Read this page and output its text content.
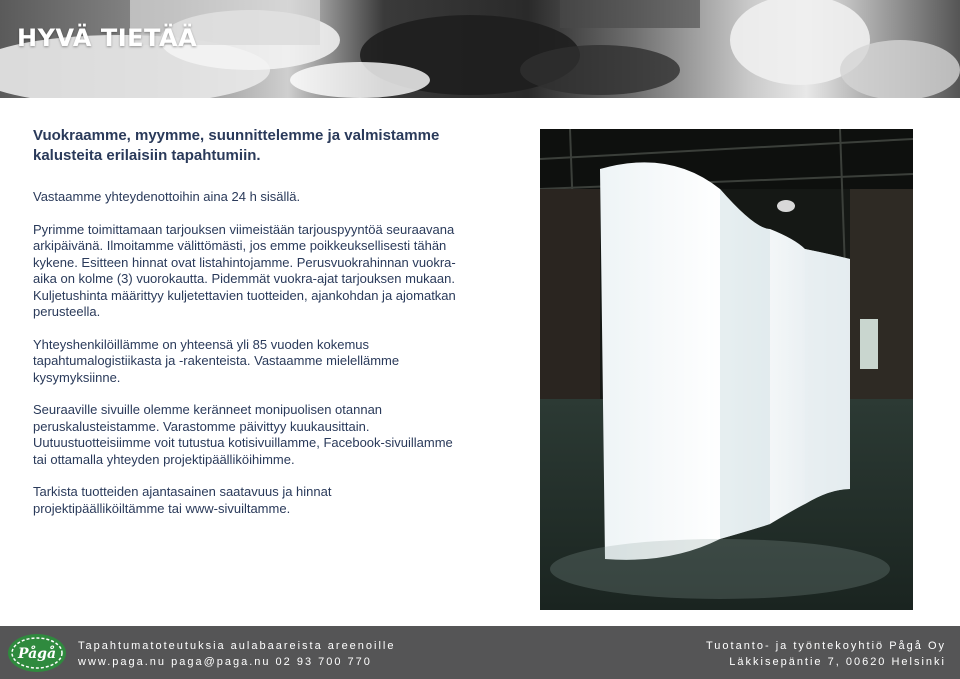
HYVÄ TIETÄÄ
Vuokraamme, myymme, suunnittelemme ja valmistamme
kalusteita erilaisiin tapahtumiin.
Vastaamme yhteydenottoihin aina 24 h sisällä.
Pyrimme toimittamaan tarjouksen viimeistään tarjouspyyntöä seuraavana
arkipäivänä. Ilmoitamme välittömästi, jos emme poikkeuksellisesti tähän
kykene. Esitteen hinnat ovat listahintojamme. Perusvuokrahinnan vuokra-
aika on kolme (3) vuorokautta. Pidemmät vuokra-ajat tarjouksen mukaan.
Kuljetushinta määrittyy kuljetettavien tuotteiden, ajankohdan ja ajomatkan
perusteella.
Yhteyshenkilöillämme on yhteensä yli 85 vuoden kokemus
tapahtumalogistiikasta ja -rakenteista. Vastaamme mielellämme
kysymyksiinne.
Seuraaville sivuille olemme keränneet monipuolisen otannan
peruskalusteistamme. Varastomme päivittyy kuukausittain.
Uutuustuotteisiimme voit tutustua kotisivuillamme, Facebook-sivuillamme
tai ottamalla yhteyden projektipäälliköihimme.
Tarkista tuotteiden ajantasainen saatavuus ja hinnat
projektipäälliköiltämme tai www-sivuiltamme.
Pågå Tapahtumatoteutuksia aulabaareista areenoille
www.paga.nu paga@paga.nu 02 93 700 770
Tuotanto- ja työntekoyhtiö Pågå Oy
Läkkisepäntie 7, 00620 Helsinki
